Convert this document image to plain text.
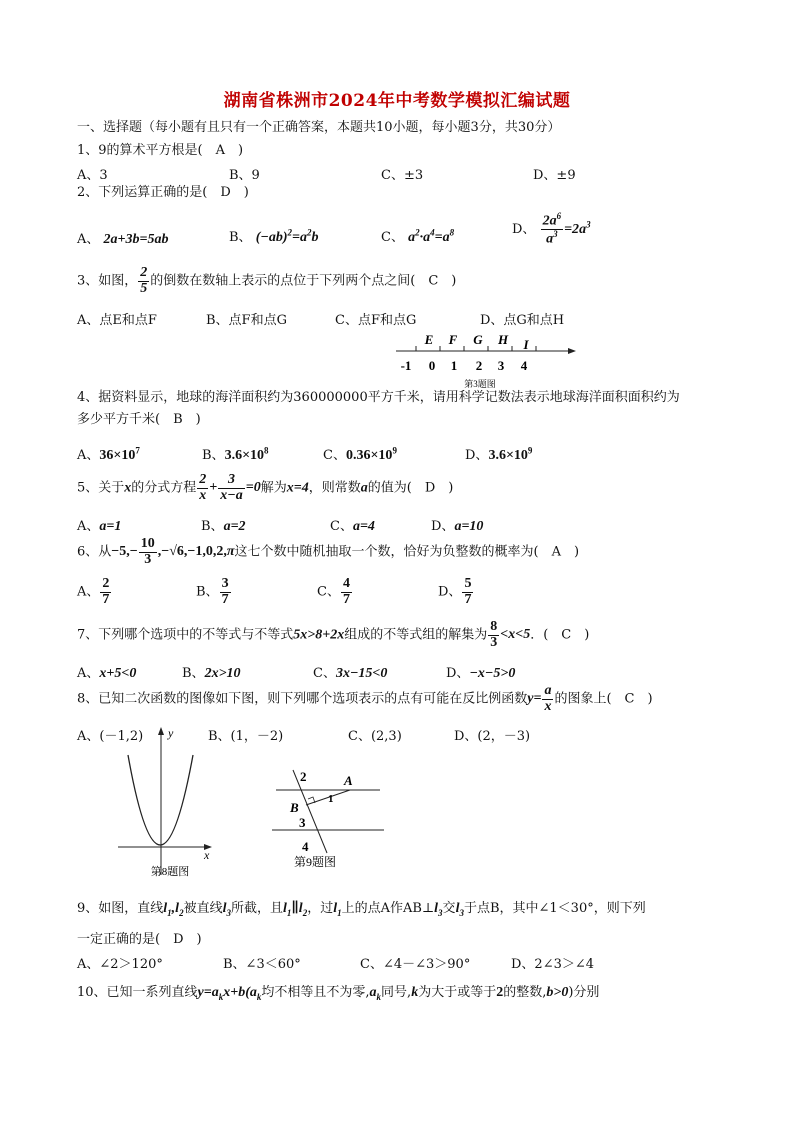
湖南省株洲市2024年中考数学模拟汇编试题
一、选择题（每小题有且只有一个正确答案，本题共10小题，每小题3分，共30分）
1、9的算术平方根是(　A　)
A、3	B、9	C、±3	D、±9
2、下列运算正确的是(　D　)
A、 2a+3b=5ab	B、 $(-ab)^2=a^2b$	C、 $a^2\cdot a^4=a^8$	D、 $\frac{2a^6}{a^3} =2a^3$
3、如图， $\frac{2}{5}$ 的倒数在数轴上表示的点位于下列两个点之间(　C　)
A、点E和点F	B、点F和点G	C、点F和点G	D、点G和点H
E F G H I
-1 0 1 2 3 4
第3题图
4、据资料显示，地球的海洋面积约为360000000平方千米，请用科学记数法表示地球海洋面积面积约为
多少平方千米(　B　)
A、$36\times 10^7$	B、$3.6\times 10^8$	C、$0.36\times 10^9$	D、$3.6\times 10^9$
5、关于x的分式方程 $\frac{2}{x} + \frac{3}{x-a} =0$解为x=4，则常数a的值为(　D　)
A、a=1	B、a=2	C、a=4	D、a=10
6、从$-5,- \frac{10}{3} ,-√6,-1,0,2,\pi$这七个数中随机抽取一个数，恰好为负整数的概率为(　A　)
A、 $\frac{2}{7}$	B、 $\frac{3}{7}$	C、 $\frac{4}{7}$	D、 $\frac{5}{7}$
7、下列哪个选项中的不等式与不等式5x>8+2x组成的不等式组的解集为 $\frac{8}{3} <x<5$．(　C　)
A、x+5<0	B、2x>10	C、3x−15<0	D、−x−5>0
8、已知二次函数的图像如下图，则下列哪个选项表示的点有可能在反比例函数$y= \frac{a}{x}$ 的图象上(　C　)
A、(－1,2)	B、(1，－2)	C、(2,3)	D、(2，－3)
y
x
第8题图
2	A
1
B
3
4
第9题图
9、如图，直线$l_1,l_2$被直线$l_3$所截，且$l_1\parallel l_2$，过$l_1$上的点A作$AB\perp l_3$交$l_3$于点B，其中∠1＜30°，则下列
一定正确的是(　D　)
A、∠2＞120°	B、∠3＜60°	C、∠4－∠3＞90°	D、2∠3＞∠4
10、已知一系列直线$y=a_kx+b(a_k$均不相等且不为零$,a_k$同号,k为大于或等于2的整数,b>0)分别
